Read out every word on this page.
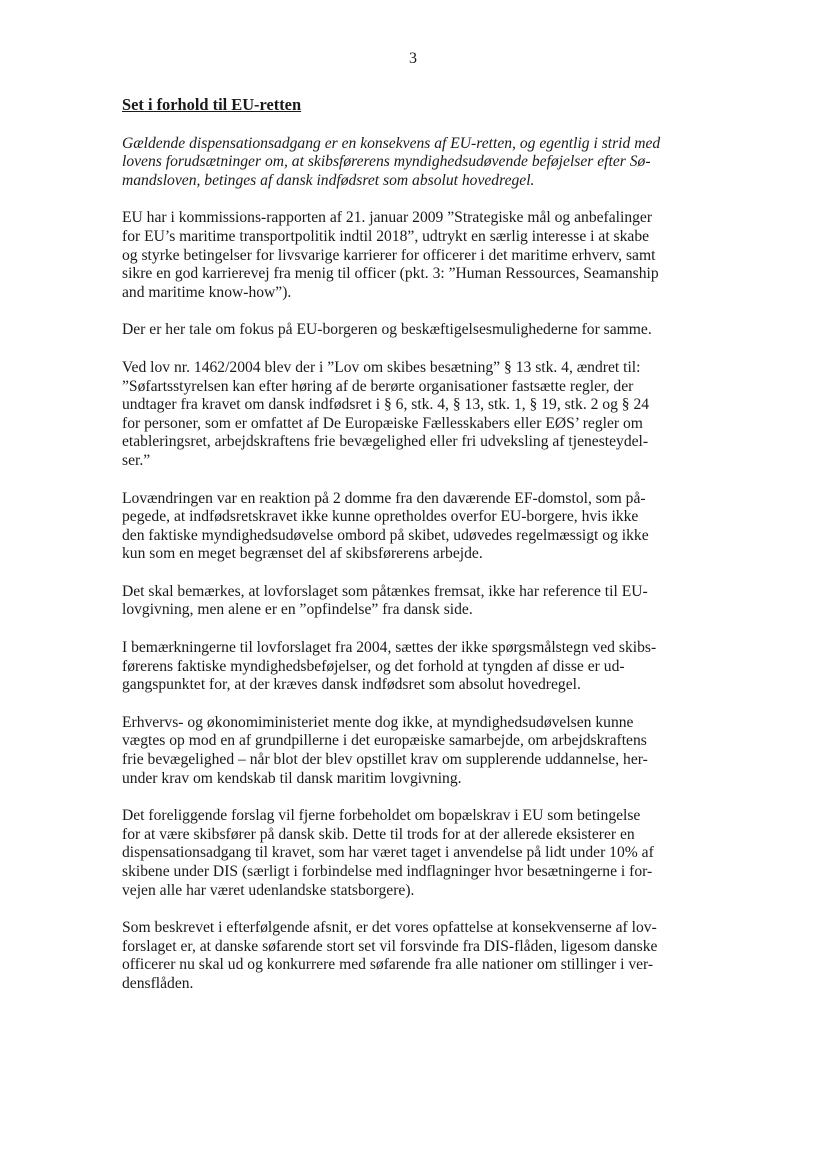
3
Set i forhold til EU-retten

Gældende dispensationsadgang er en konsekvens af EU-retten, og egentlig i strid med
lovens forudsætninger om, at skibsførerens myndighedsudøvende beføjelser efter Sø-
mandsloven, betinges af dansk indfødsret som absolut hovedregel.

EU har i kommissions-rapporten af 21. januar 2009 ”Strategiske mål og anbefalinger
for EU’s maritime transportpolitik indtil 2018”, udtrykt en særlig interesse i at skabe
og styrke betingelser for livsvarige karrierer for officerer i det maritime erhverv, samt
sikre en god karrierevej fra menig til officer (pkt. 3: ”Human Ressources, Seamanship
and maritime know-how”).

Der er her tale om fokus på EU-borgeren og beskæftigelsesmulighederne for samme.

Ved lov nr. 1462/2004 blev der i ”Lov om skibes besætning” § 13 stk. 4, ændret til:
”Søfartsstyrelsen kan efter høring af de berørte organisationer fastsætte regler, der
undtager fra kravet om dansk indfødsret i § 6, stk. 4, § 13, stk. 1, § 19, stk. 2 og § 24
for personer, som er omfattet af De Europæiske Fællesskabers eller EØS’ regler om
etableringsret, arbejdskraftens frie bevægelighed eller fri udveksling af tjenesteydel-
ser.”

Lovændringen var en reaktion på 2 domme fra den daværende EF-domstol, som på-
pegede, at indfødsretskravet ikke kunne opretholdes overfor EU-borgere, hvis ikke
den faktiske myndighedsudøvelse ombord på skibet, udøvedes regelmæssigt og ikke
kun som en meget begrænset del af skibsførerens arbejde.

Det skal bemærkes, at lovforslaget som påtænkes fremsat, ikke har reference til EU-
lovgivning, men alene er en ”opfindelse” fra dansk side.

I bemærkningerne til lovforslaget fra 2004, sættes der ikke spørgsmålstegn ved skibs-
førerens faktiske myndighedsbeføjelser, og det forhold at tyngden af disse er ud-
gangspunktet for, at der kræves dansk indfødsret som absolut hovedregel.

Erhvervs- og økonomiministeriet mente dog ikke, at myndighedsudøvelsen kunne
vægtes op mod en af grundpillerne i det europæiske samarbejde, om arbejdskraftens
frie bevægelighed – når blot der blev opstillet krav om supplerende uddannelse, her-
under krav om kendskab til dansk maritim lovgivning.

Det foreliggende forslag vil fjerne forbeholdet om bopælskrav i EU som betingelse
for at være skibsfører på dansk skib. Dette til trods for at der allerede eksisterer en
dispensationsadgang til kravet, som har været taget i anvendelse på lidt under 10% af
skibene under DIS (særligt i forbindelse med indflagninger hvor besætningerne i for-
vejen alle har været udenlandske statsborgere).

Som beskrevet i efterfølgende afsnit, er det vores opfattelse at konsekvenserne af lov-
forslaget er, at danske søfarende stort set vil forsvinde fra DIS-flåden, ligesom danske
officerer nu skal ud og konkurrere med søfarende fra alle nationer om stillinger i ver-
densflåden.
